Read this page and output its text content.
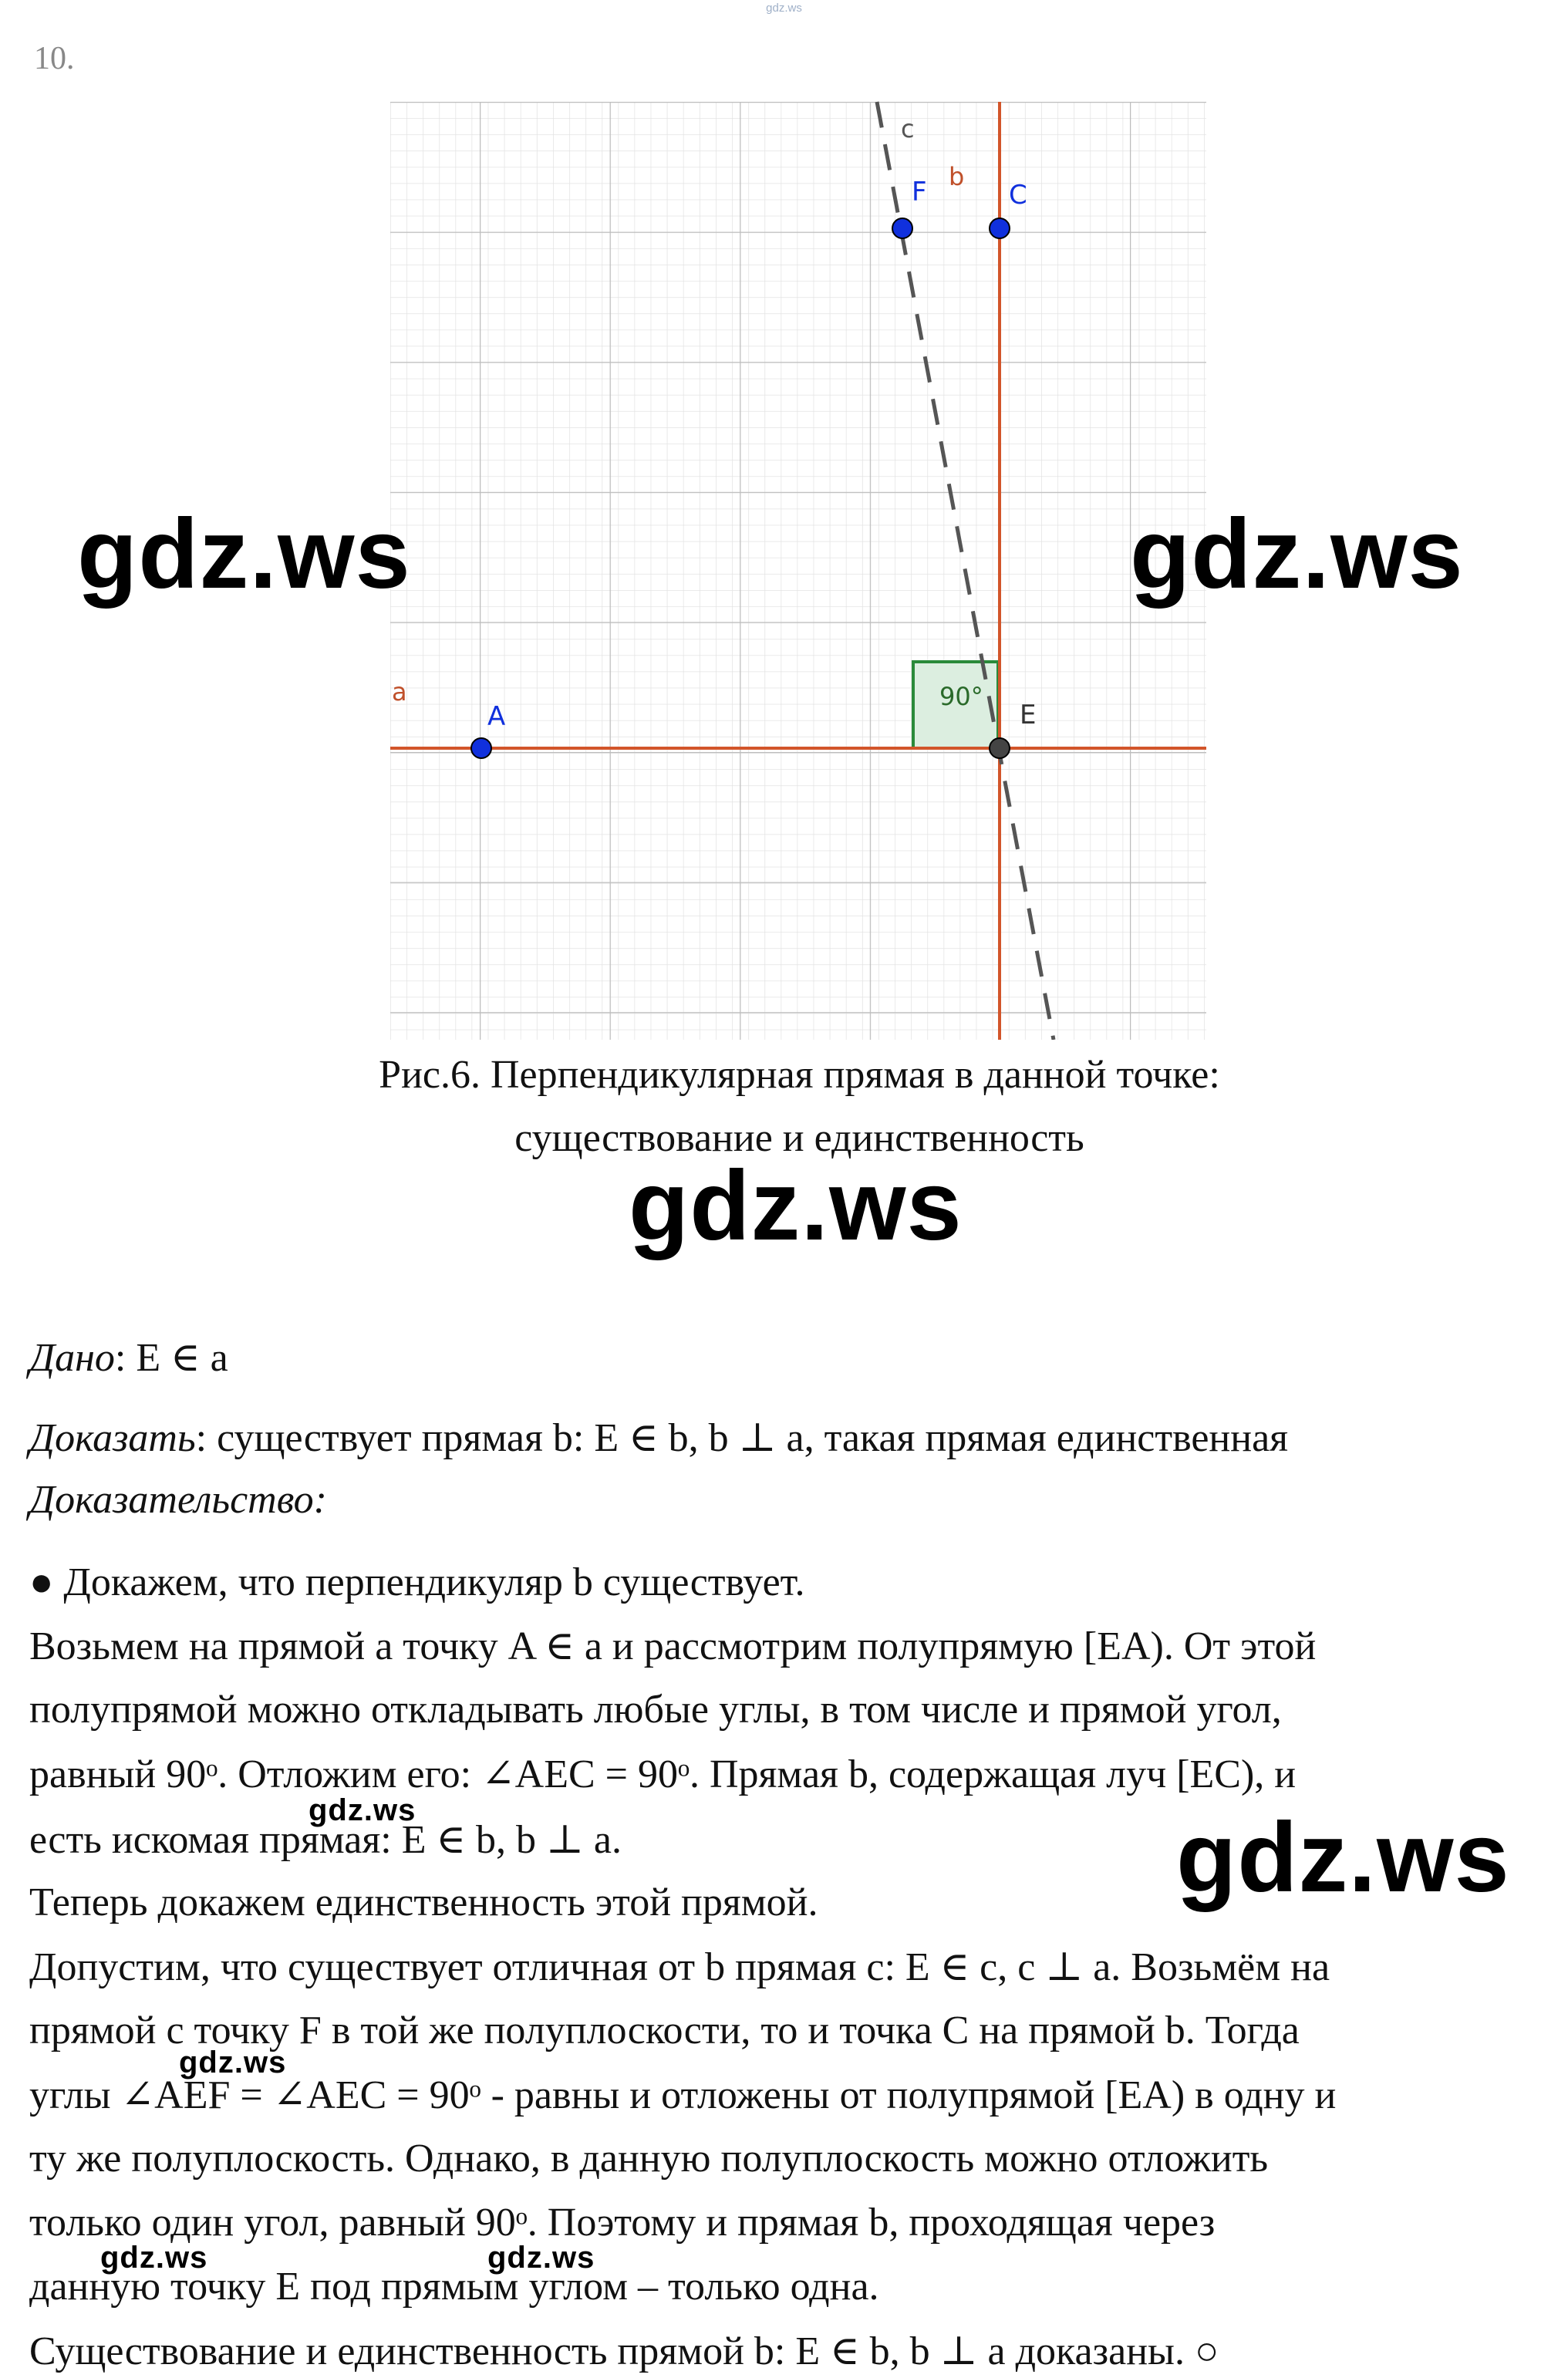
gdz.ws
10.
90°
a
b
c
A
C
F
E
Рис.6. Перпендикулярная прямая в данной точке:
существование и единственность
gdz.ws	gdz.ws
gdz.ws
gdz.ws
Дано: E ∈ a
Доказать: существует прямая b: E ∈ b, b ⊥ a, такая прямая единственная
Доказательство:
● Докажем, что перпендикуляр b существует.
Возьмем на прямой a точку A ∈ a и рассмотрим полупрямую [EA). От этой
полупрямой можно откладывать любые углы, в том числе и прямой угол,
равный 90ᵒ. Отложим его: ∠AEC = 90ᵒ. Прямая b, содержащая луч [EC), и
есть искомая прямая: E ∈ b, b ⊥ a.
Теперь докажем единственность этой прямой.
Допустим, что существует отличная от b прямая c: E ∈ c, c ⊥ a. Возьмём на
прямой c точку F в той же полуплоскости, то и точка C на прямой b. Тогда
углы ∠AEF = ∠AEC = 90ᵒ - равны и отложены от полупрямой [EA) в одну и
ту же полуплоскость. Однако, в данную полуплоскость можно отложить
только один угол, равный 90ᵒ. Поэтому и прямая b, проходящая через
данную точку E под прямым углом – только одна.
Существование и единственность прямой b: E ∈ b, b ⊥ a доказаны. ○
gdz.ws
gdz.ws
gdz.ws	gdz.ws
